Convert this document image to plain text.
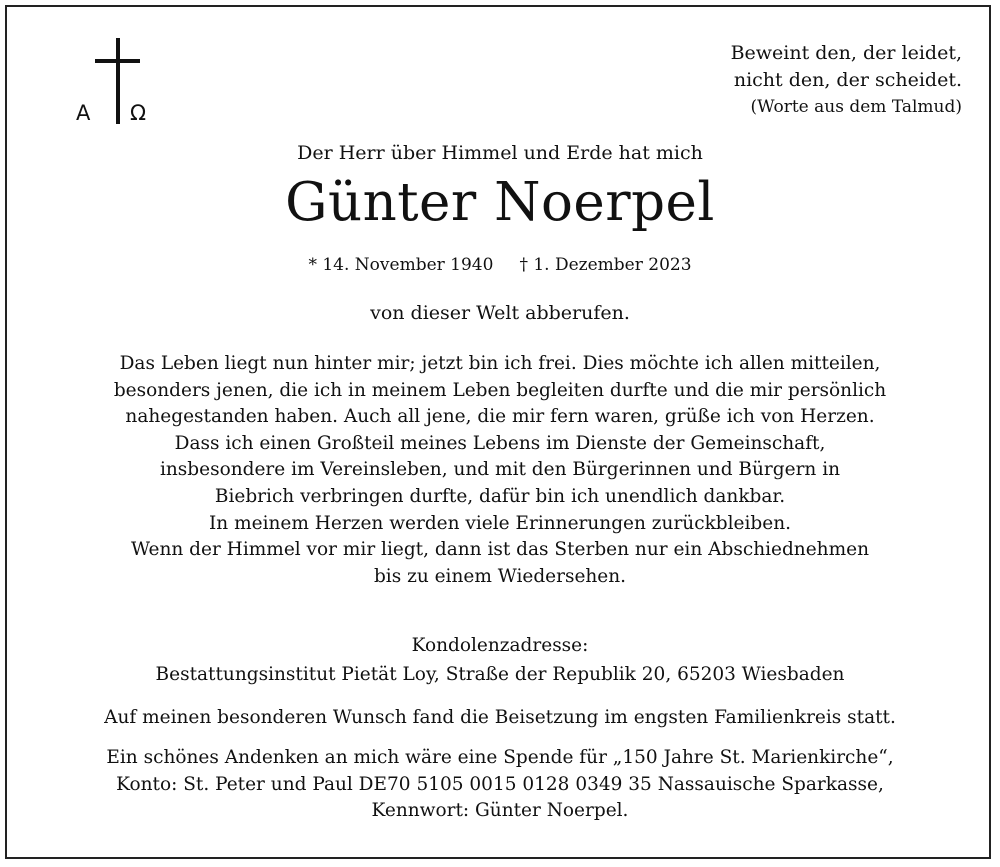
A Ω
Beweint den, der leidet,
nicht den, der scheidet.
(Worte aus dem Talmud)
Der Herr über Himmel und Erde hat mich
Günter Noerpel
* 14. November 1940 † 1. Dezember 2023
von dieser Welt abberufen.
Das Leben liegt nun hinter mir; jetzt bin ich frei. Dies möchte ich allen mitteilen,
besonders jenen, die ich in meinem Leben begleiten durfte und die mir persönlich
nahegestanden haben. Auch all jene, die mir fern waren, grüße ich von Herzen.
Dass ich einen Großteil meines Lebens im Dienste der Gemeinschaft,
insbesondere im Vereinsleben, und mit den Bürgerinnen und Bürgern in
Biebrich verbringen durfte, dafür bin ich unendlich dankbar.
In meinem Herzen werden viele Erinnerungen zurückbleiben.
Wenn der Himmel vor mir liegt, dann ist das Sterben nur ein Abschiednehmen
bis zu einem Wiedersehen.
Kondolenzadresse:
Bestattungsinstitut Pietät Loy, Straße der Republik 20, 65203 Wiesbaden
Auf meinen besonderen Wunsch fand die Beisetzung im engsten Familienkreis statt.
Ein schönes Andenken an mich wäre eine Spende für „150 Jahre St. Marienkirche“,
Konto: St. Peter und Paul DE70 5105 0015 0128 0349 35 Nassauische Sparkasse,
Kennwort: Günter Noerpel.
